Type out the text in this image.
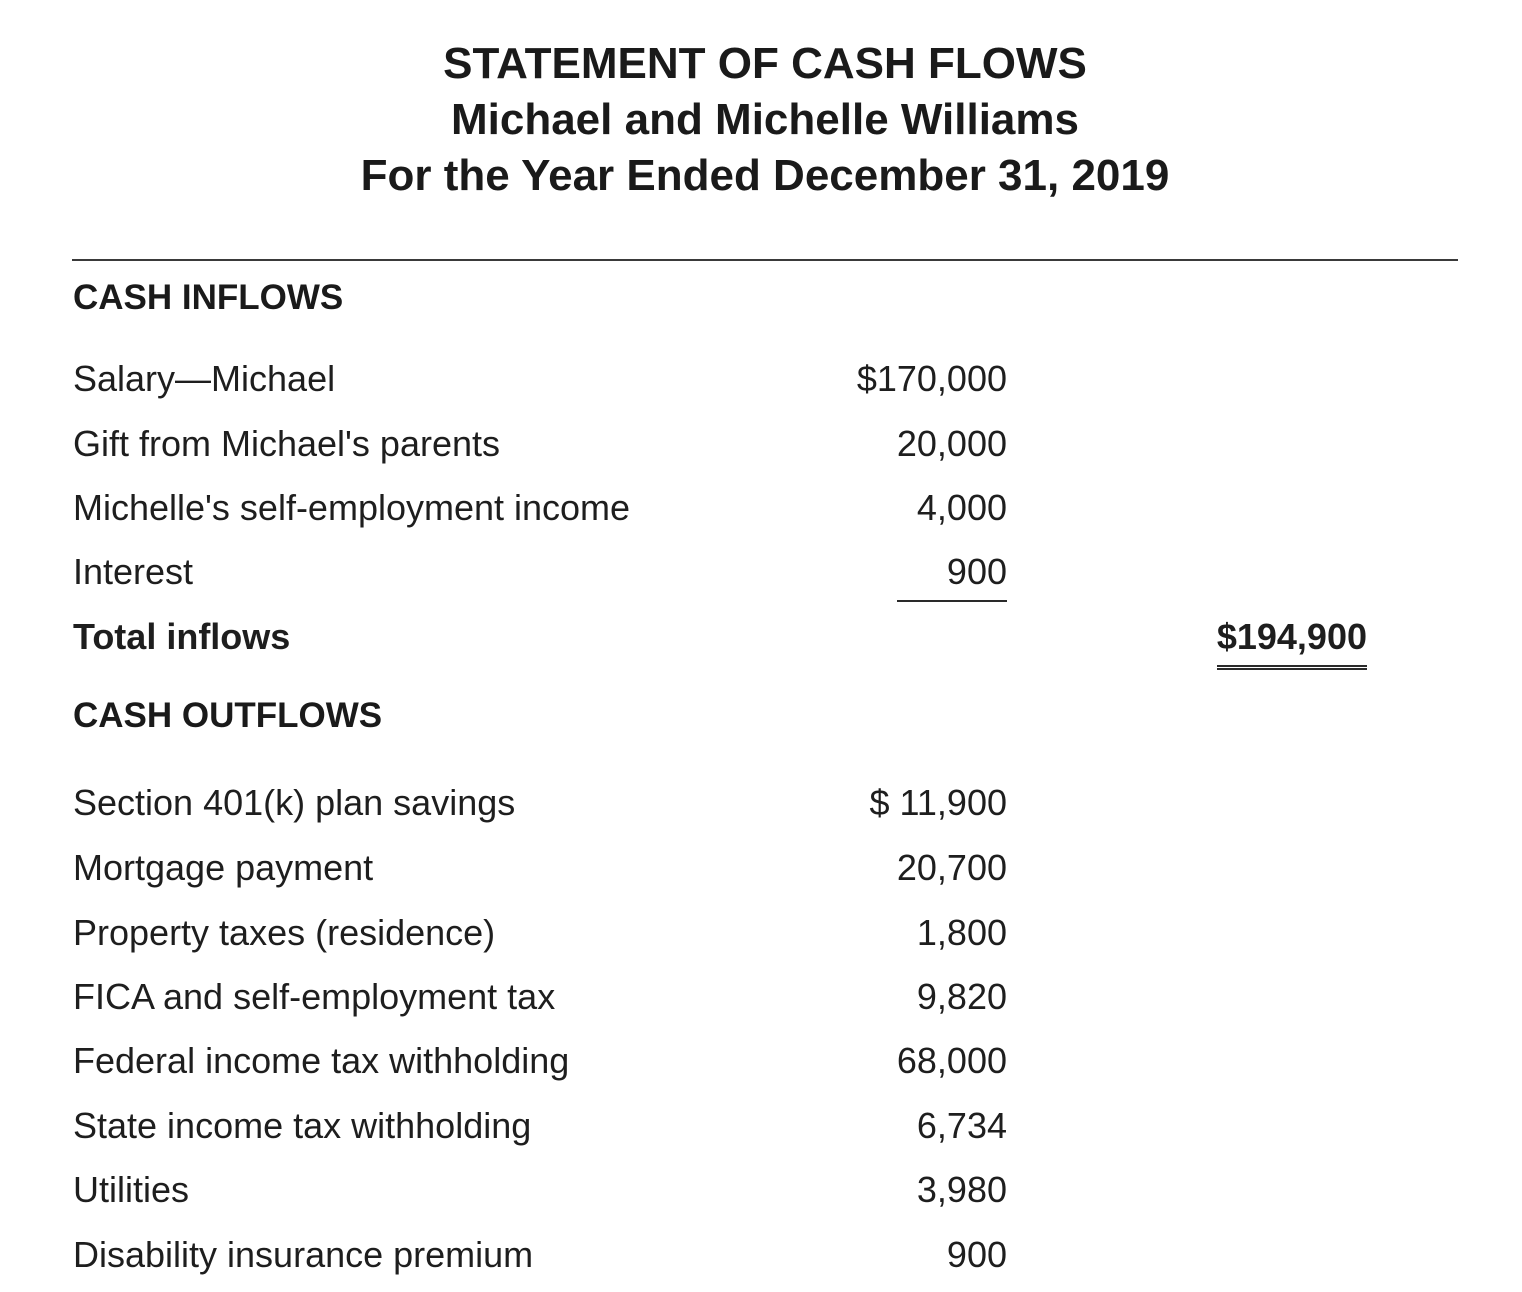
STATEMENT OF CASH FLOWS
Michael and Michelle Williams
For the Year Ended December 31, 2019
CASH INFLOWS
Salary—Michael	$170,000
Gift from Michael's parents	20,000
Michelle's self-employment income	4,000
Interest	900
Total inflows	$194,900
CASH OUTFLOWS
Section 401(k) plan savings	$ 11,900
Mortgage payment	20,700
Property taxes (residence)	1,800
FICA and self-employment tax	9,820
Federal income tax withholding	68,000
State income tax withholding	6,734
Utilities	3,980
Disability insurance premium	900
